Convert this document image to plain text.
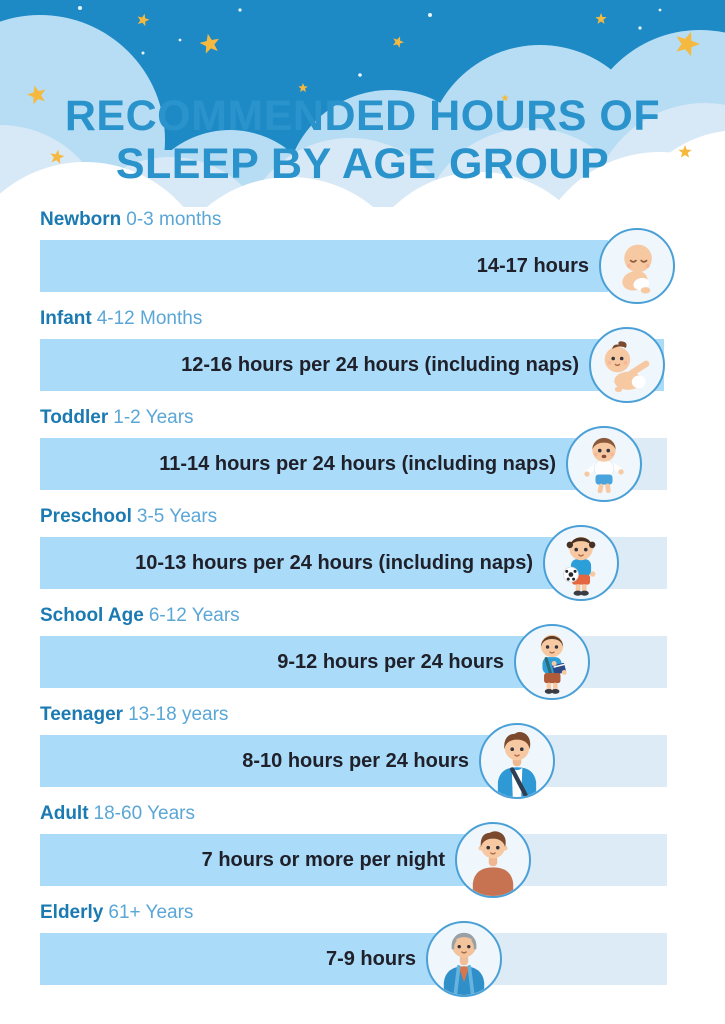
RECOMMENDED HOURS OF
SLEEP BY AGE GROUP
Newborn 0-3 months
14-17 hours
Infant 4-12 Months
12-16 hours per 24 hours (including naps)
Toddler 1-2 Years
11-14 hours per 24 hours (including naps)
Preschool 3-5 Years
10-13 hours per 24 hours (including naps)
School Age 6-12 Years
9-12 hours per 24 hours
Teenager 13-18 years
8-10 hours per 24 hours
Adult 18-60 Years
7 hours or more per night
Elderly 61+ Years
7-9 hours
